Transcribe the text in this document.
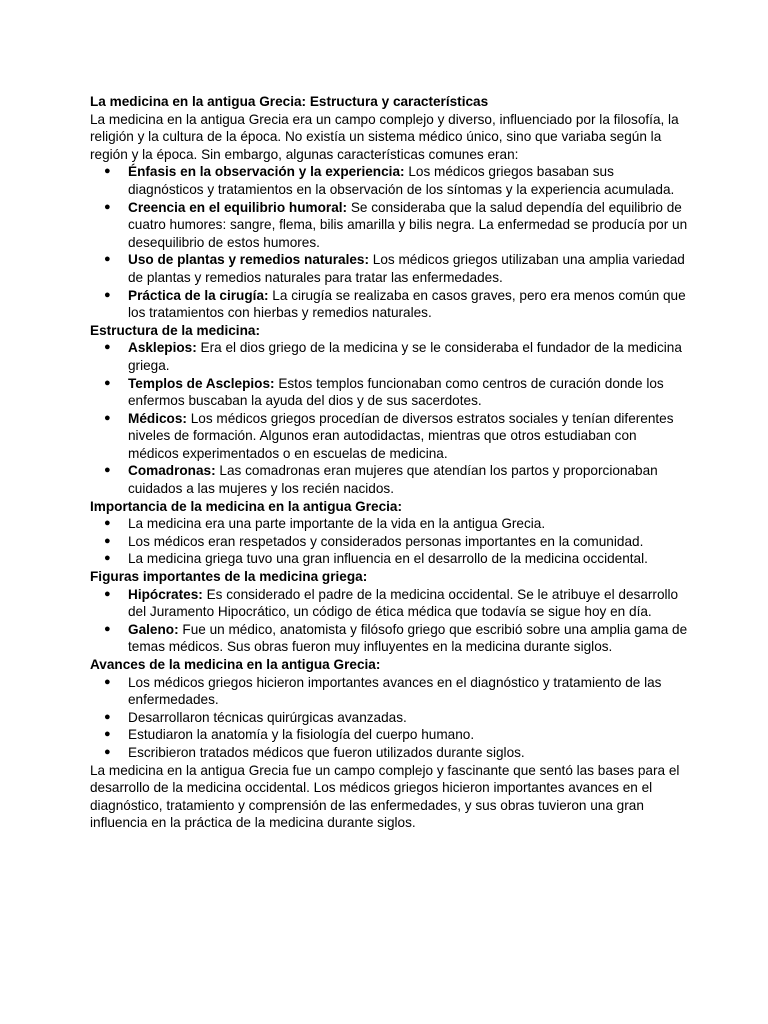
La medicina en la antigua Grecia: Estructura y características

La medicina en la antigua Grecia era un campo complejo y diverso, influenciado por la filosofía, la religión y la cultura de la época. No existía un sistema médico único, sino que variaba según la región y la época. Sin embargo, algunas características comunes eran:

● Énfasis en la observación y la experiencia: Los médicos griegos basaban sus diagnósticos y tratamientos en la observación de los síntomas y la experiencia acumulada.
● Creencia en el equilibrio humoral: Se consideraba que la salud dependía del equilibrio de cuatro humores: sangre, flema, bilis amarilla y bilis negra. La enfermedad se producía por un desequilibrio de estos humores.
● Uso de plantas y remedios naturales: Los médicos griegos utilizaban una amplia variedad de plantas y remedios naturales para tratar las enfermedades.
● Práctica de la cirugía: La cirugía se realizaba en casos graves, pero era menos común que los tratamientos con hierbas y remedios naturales.

Estructura de la medicina:

● Asklepios: Era el dios griego de la medicina y se le consideraba el fundador de la medicina griega.
● Templos de Asclepios: Estos templos funcionaban como centros de curación donde los enfermos buscaban la ayuda del dios y de sus sacerdotes.
● Médicos: Los médicos griegos procedían de diversos estratos sociales y tenían diferentes niveles de formación. Algunos eran autodidactas, mientras que otros estudiaban con médicos experimentados o en escuelas de medicina.
● Comadronas: Las comadronas eran mujeres que atendían los partos y proporcionaban cuidados a las mujeres y los recién nacidos.

Importancia de la medicina en la antigua Grecia:

● La medicina era una parte importante de la vida en la antigua Grecia.
● Los médicos eran respetados y considerados personas importantes en la comunidad.
● La medicina griega tuvo una gran influencia en el desarrollo de la medicina occidental.

Figuras importantes de la medicina griega:

● Hipócrates: Es considerado el padre de la medicina occidental. Se le atribuye el desarrollo del Juramento Hipocrático, un código de ética médica que todavía se sigue hoy en día.
● Galeno: Fue un médico, anatomista y filósofo griego que escribió sobre una amplia gama de temas médicos. Sus obras fueron muy influyentes en la medicina durante siglos.

Avances de la medicina en la antigua Grecia:

● Los médicos griegos hicieron importantes avances en el diagnóstico y tratamiento de las enfermedades.
● Desarrollaron técnicas quirúrgicas avanzadas.
● Estudiaron la anatomía y la fisiología del cuerpo humano.
● Escribieron tratados médicos que fueron utilizados durante siglos.

La medicina en la antigua Grecia fue un campo complejo y fascinante que sentó las bases para el desarrollo de la medicina occidental. Los médicos griegos hicieron importantes avances en el diagnóstico, tratamiento y comprensión de las enfermedades, y sus obras tuvieron una gran influencia en la práctica de la medicina durante siglos.
